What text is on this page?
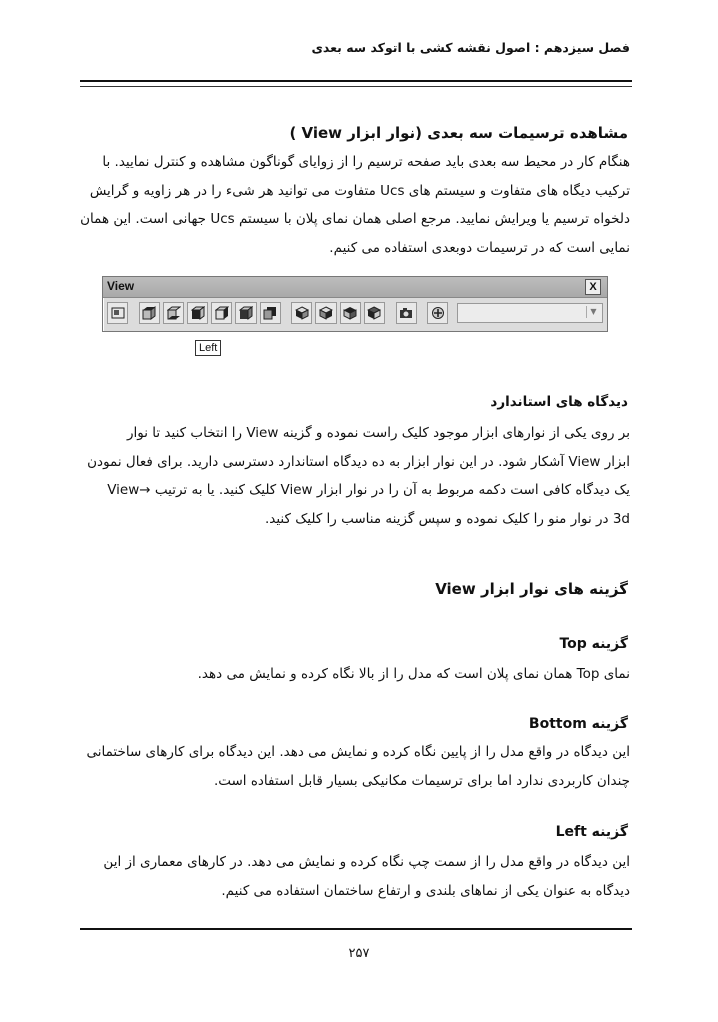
فصل سیزدهم : اصول نقشه کشی با اتوکد سه بعدی
مشاهده ترسیمات سه بعدی (نوار ابزار View )

هنگام کار در محیط سه بعدی باید صفحه ترسیم را از زوایای گوناگون مشاهده و کنترل نمایید. با

ترکیب دیگاه های متفاوت و سیستم های Ucs متفاوت می توانید هر شیء را در هر زاویه و گرایش

دلخواه ترسیم یا ویرایش نمایید. مرجع اصلی همان نمای پلان با سیستم Ucs جهانی است. این همان

نمایی است که در ترسیمات دوبعدی استفاده می کنیم.

View	X
▼
Left
دیدگاه های استاندارد

بر روی یکی از نوارهای ابزار موجود کلیک راست نموده و گزینه View را انتخاب کنید تا نوار

ابزار View آشکار شود. در این نوار ابزار به ده دیدگاه استاندارد دسترسی دارید. برای فعال نمودن

یک دیدگاه کافی است دکمه مربوط به آن را در نوار ابزار View کلیک کنید. یا به ترتیب →View

3d در نوار منو را کلیک نموده و سپس گزینه مناسب را کلیک کنید.

گزینه های نوار ابزار View
گزینه Top

نمای Top همان نمای پلان است که مدل را از بالا نگاه کرده و نمایش می دهد.

گزینه Bottom

این دیدگاه در واقع مدل را از پایین نگاه کرده و نمایش می دهد. این دیدگاه برای کارهای ساختمانی

چندان کاربردی ندارد اما برای ترسیمات مکانیکی بسیار قابل استفاده است.

گزینه Left

این دیدگاه در واقع مدل را از سمت چپ نگاه کرده و نمایش می دهد. در کارهای معماری از این

دیدگاه به عنوان یکی از نماهای بلندی و ارتفاع ساختمان استفاده می کنیم.

۲۵۷
